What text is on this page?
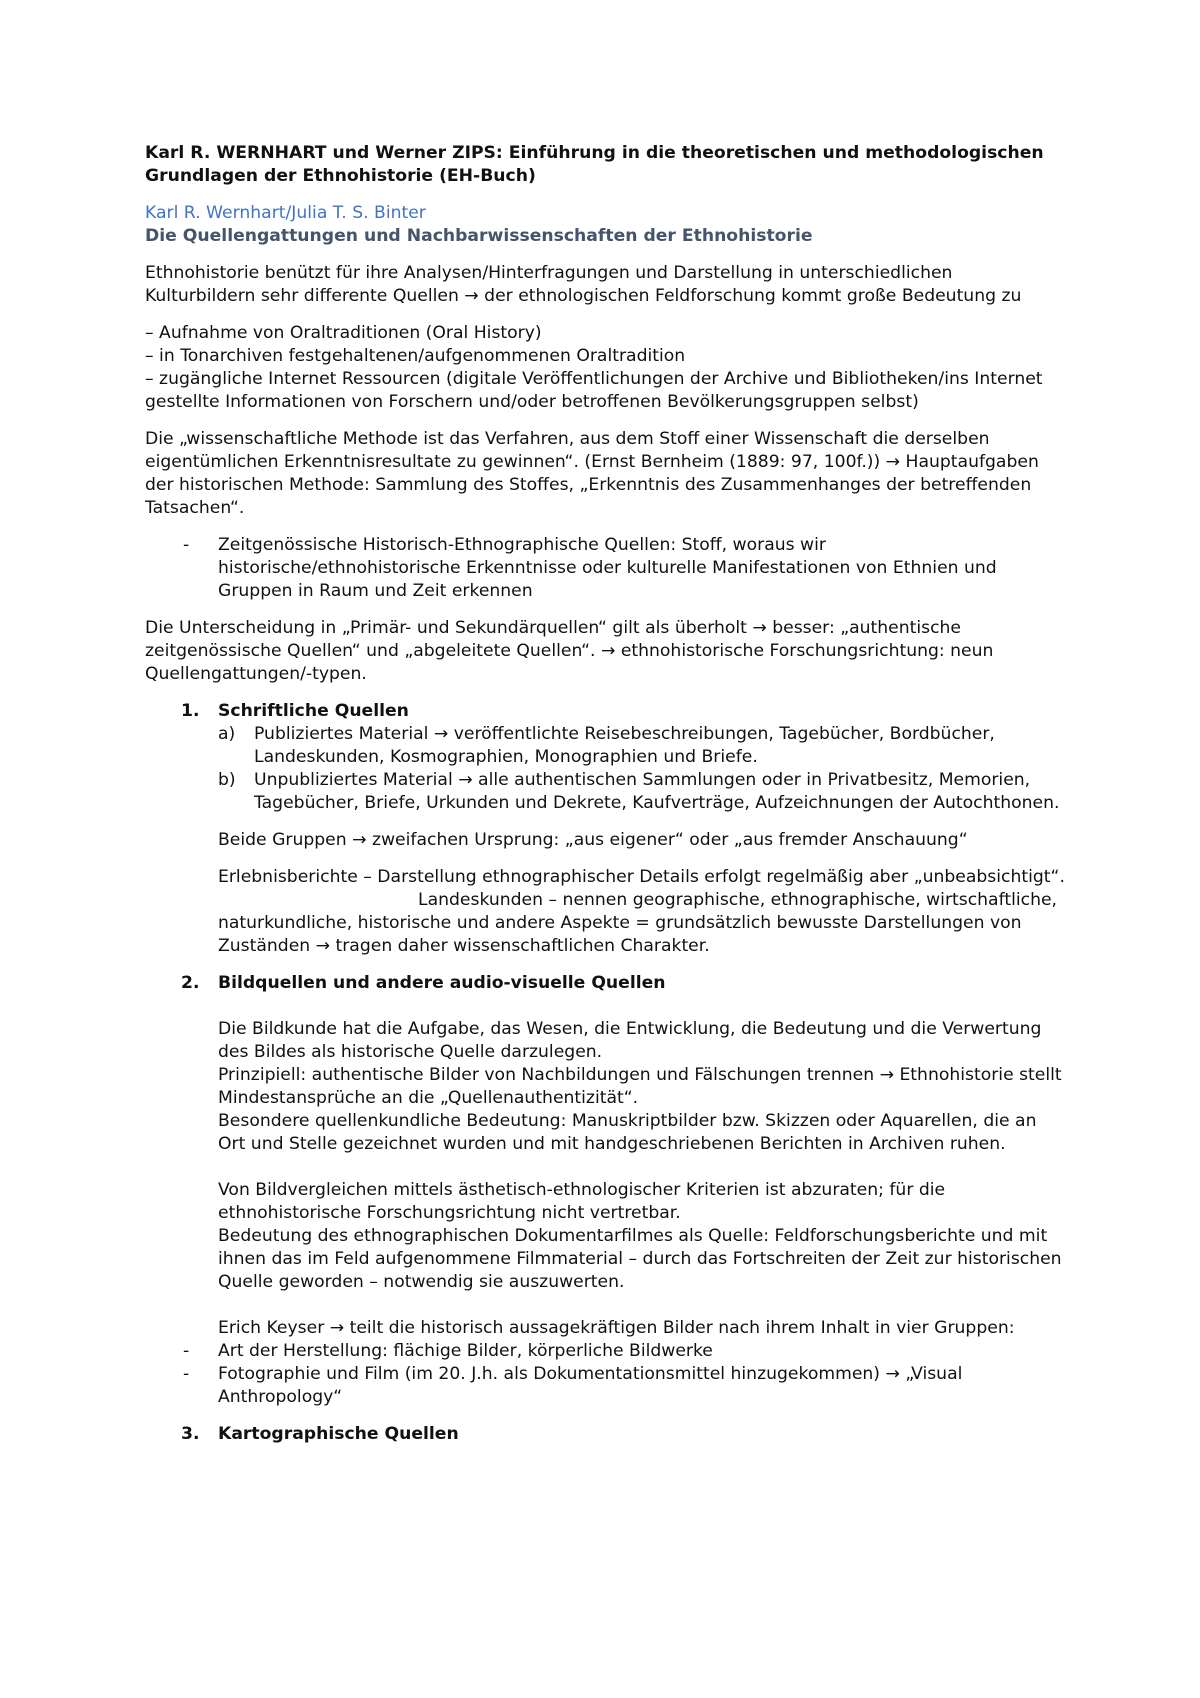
Karl R. WERNHART und Werner ZIPS: Einführung in die theoretischen und methodologischen Grundlagen der Ethnohistorie (EH-Buch)

Karl R. Wernhart/Julia T. S. Binter

Die Quellengattungen und Nachbarwissenschaften der Ethnohistorie

Ethnohistorie benützt für ihre Analysen/Hinterfragungen und Darstellung in unterschiedlichen Kulturbildern sehr differente Quellen → der ethnologischen Feldforschung kommt große Bedeutung zu

– Aufnahme von Oraltraditionen (Oral History)
– in Tonarchiven festgehaltenen/aufgenommenen Oraltradition
– zugängliche Internet Ressourcen (digitale Veröffentlichungen der Archive und Bibliotheken/ins Internet gestellte Informationen von Forschern und/oder betroffenen Bevölkerungsgruppen selbst)

Die „wissenschaftliche Methode ist das Verfahren, aus dem Stoff einer Wissenschaft die derselben eigentümlichen Erkenntnisresultate zu gewinnen“. (Ernst Bernheim (1889: 97, 100f.)) → Hauptaufgaben der historischen Methode: Sammlung des Stoffes, „Erkenntnis des Zusammenhanges der betreffenden Tatsachen“.

- Zeitgenössische Historisch-Ethnographische Quellen: Stoff, woraus wir historische/ethnohistorische Erkenntnisse oder kulturelle Manifestationen von Ethnien und Gruppen in Raum und Zeit erkennen

Die Unterscheidung in „Primär- und Sekundärquellen“ gilt als überholt → besser: „authentische zeitgenössische Quellen“ und „abgeleitete Quellen“. → ethnohistorische Forschungsrichtung: neun Quellengattungen/-typen.

1. Schriftliche Quellen
a) Publiziertes Material → veröffentlichte Reisebeschreibungen, Tagebücher, Bordbücher, Landeskunden, Kosmographien, Monographien und Briefe.
b) Unpubliziertes Material → alle authentischen Sammlungen oder in Privatbesitz, Memorien, Tagebücher, Briefe, Urkunden und Dekrete, Kaufverträge, Aufzeichnungen der Autochthonen.

Beide Gruppen → zweifachen Ursprung: „aus eigener“ oder „aus fremder Anschauung“

Erlebnisberichte – Darstellung ethnographischer Details erfolgt regelmäßig aber „unbeabsichtigt“.Landeskunden – nennen geographische, ethnographische, wirtschaftliche, naturkundliche, historische und andere Aspekte = grundsätzlich bewusste Darstellungen von Zuständen → tragen daher wissenschaftlichen Charakter.

2. Bildquellen und andere audio-visuelle Quellen
Die Bildkunde hat die Aufgabe, das Wesen, die Entwicklung, die Bedeutung und die Verwertung des Bildes als historische Quelle darzulegen.
Prinzipiell: authentische Bilder von Nachbildungen und Fälschungen trennen → Ethnohistorie stellt Mindestansprüche an die „Quellenauthentizität“.
Besondere quellenkundliche Bedeutung: Manuskriptbilder bzw. Skizzen oder Aquarellen, die an Ort und Stelle gezeichnet wurden und mit handgeschriebenen Berichten in Archiven ruhen.
Von Bildvergleichen mittels ästhetisch-ethnologischer Kriterien ist abzuraten; für die ethnohistorische Forschungsrichtung nicht vertretbar.
Bedeutung des ethnographischen Dokumentarfilmes als Quelle: Feldforschungsberichte und mit ihnen das im Feld aufgenommene Filmmaterial – durch das Fortschreiten der Zeit zur historischen Quelle geworden – notwendig sie auszuwerten.
Erich Keyser → teilt die historisch aussagekräftigen Bilder nach ihrem Inhalt in vier Gruppen:
- Art der Herstellung: flächige Bilder, körperliche Bildwerke
- Fotographie und Film (im 20. J.h. als Dokumentationsmittel hinzugekommen) → „Visual Anthropology“
3. Kartographische Quellen
